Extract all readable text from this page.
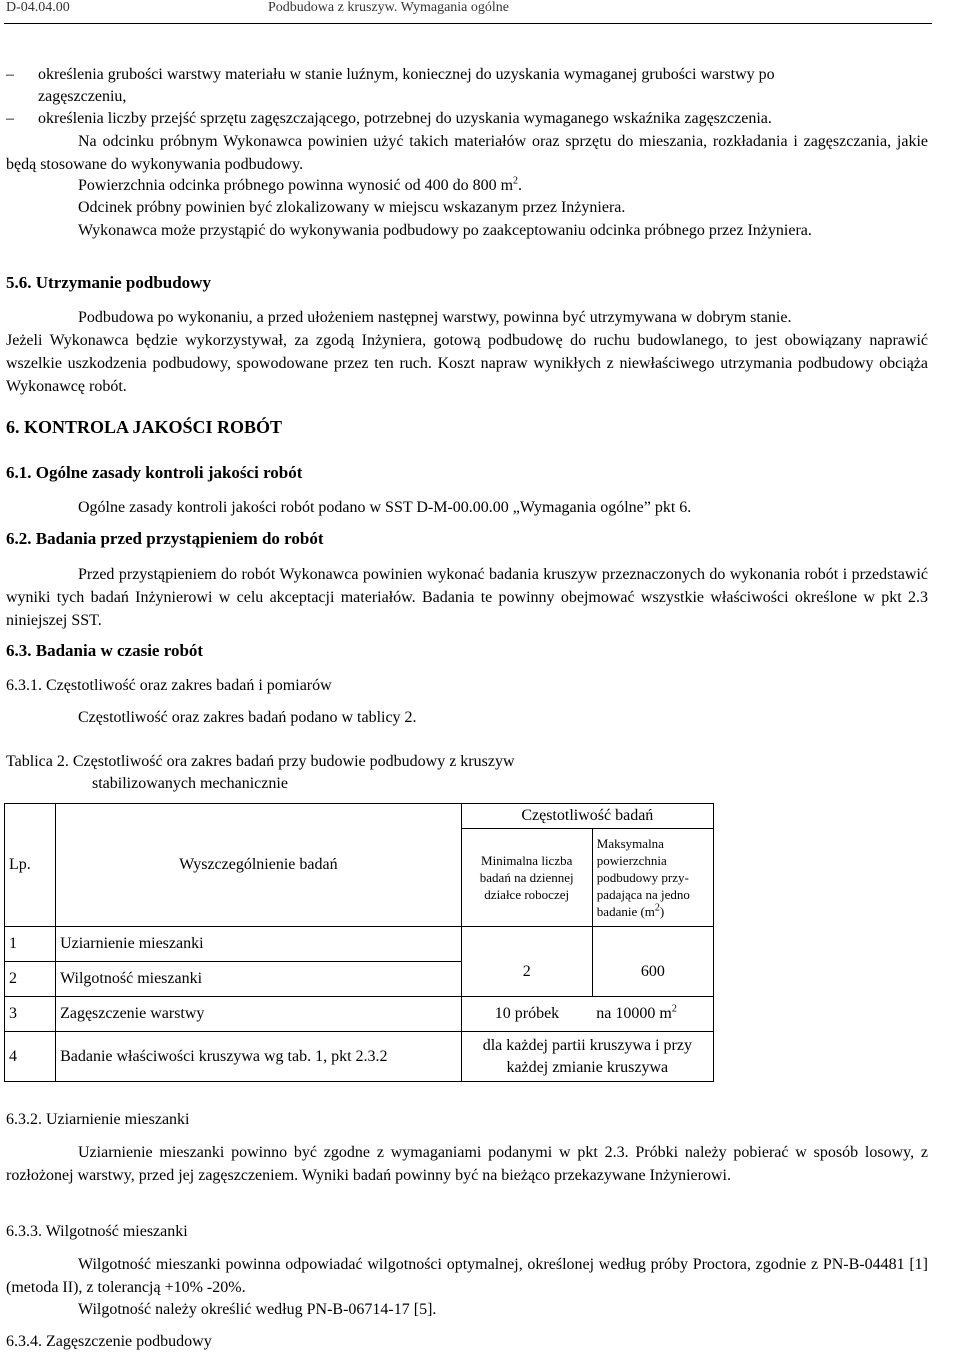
D-04.04.00	Podbudowa z kruszyw. Wymagania ogólne
– określenia grubości warstwy materiału w stanie luźnym, koniecznej do uzyskania wymaganej grubości warstwy po
zagęszczeniu,
– określenia liczby przejść sprzętu zagęszczającego, potrzebnej do uzyskania wymaganego wskaźnika zagęszczenia.
Na odcinku próbnym Wykonawca powinien użyć takich materiałów oraz sprzętu do mieszania, rozkładania i zagęszczania, jakie będą stosowane do wykonywania podbudowy.
Powierzchnia odcinka próbnego powinna wynosić od 400 do 800 $m^2$.
Odcinek próbny powinien być zlokalizowany w miejscu wskazanym przez Inżyniera.
Wykonawca może przystąpić do wykonywania podbudowy po zaakceptowaniu odcinka próbnego przez Inżyniera.
5.6. Utrzymanie podbudowy
Podbudowa po wykonaniu, a przed ułożeniem następnej warstwy, powinna być utrzymywana w dobrym stanie.
Jeżeli Wykonawca będzie wykorzystywał, za zgodą Inżyniera, gotową podbudowę do ruchu budowlanego, to jest obowiązany naprawić wszelkie uszkodzenia podbudowy, spowodowane przez ten ruch. Koszt napraw wynikłych z niewłaściwego utrzymania podbudowy obciąża Wykonawcę robót.
6. KONTROLA JAKOŚCI ROBÓT
6.1. Ogólne zasady kontroli jakości robót
Ogólne zasady kontroli jakości robót podano w SST D-M-00.00.00 „Wymagania ogólne” pkt 6.
6.2. Badania przed przystąpieniem do robót
Przed przystąpieniem do robót Wykonawca powinien wykonać badania kruszyw przeznaczonych do wykonania robót i przedstawić wyniki tych badań Inżynierowi w celu akceptacji materiałów. Badania te powinny obejmować wszystkie właściwości określone w pkt 2.3 niniejszej SST.
6.3. Badania w czasie robót
6.3.1. Częstotliwość oraz zakres badań i pomiarów
Częstotliwość oraz zakres badań podano w tablicy 2.
Tablica 2. Częstotliwość ora zakres badań przy budowie podbudowy z kruszyw
stabilizowanych mechanicznie
Lp.	Wyszczególnienie badań	Częstotliwość badań	
		Minimalna liczba badań na dziennej działce roboczej	Maksymalna powierzchnia podbudowy przy-padająca na jedno badanie $(m^2)$
1	Uziarnienie mieszanki	2	600
2	Wilgotność mieszanki		
3	Zagęszczenie warstwy	10 próbek	na 10000 $m^2$
4	Badanie właściwości kruszywa wg tab. 1, pkt 2.3.2	dla każdej partii kruszywa i przy każdej zmianie kruszywa	
6.3.2. Uziarnienie mieszanki
Uziarnienie mieszanki powinno być zgodne z wymaganiami podanymi w pkt 2.3. Próbki należy pobierać w sposób losowy, z rozłożonej warstwy, przed jej zagęszczeniem. Wyniki badań powinny być na bieżąco przekazywane Inżynierowi.
6.3.3. Wilgotność mieszanki
Wilgotność mieszanki powinna odpowiadać wilgotności optymalnej, określonej według próby Proctora, zgodnie z PN-B-04481 [1] (metoda II), z tolerancją +10% -20%.
Wilgotność należy określić według PN-B-06714-17 [5].
6.3.4. Zagęszczenie podbudowy
